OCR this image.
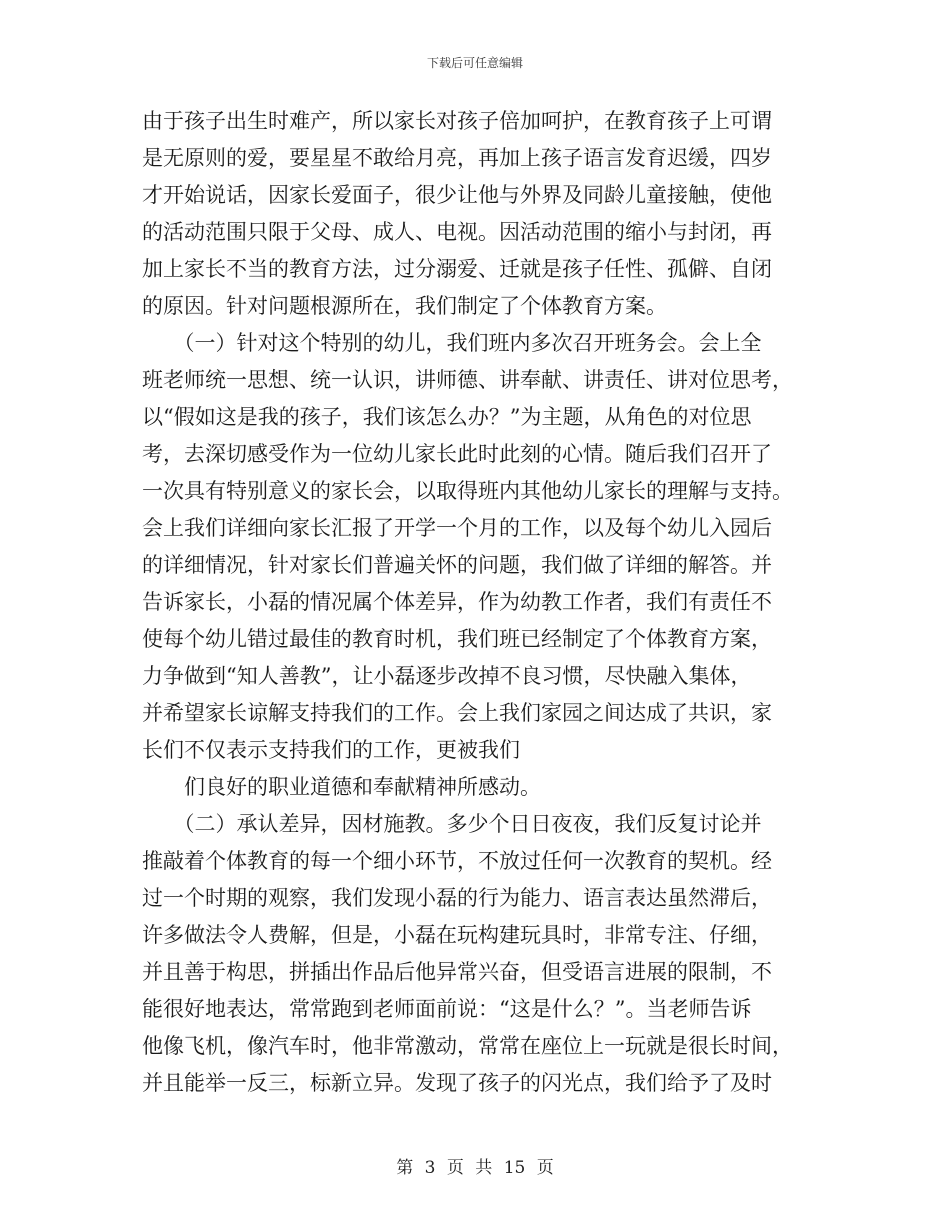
下载后可任意编辑
由于孩子出生时难产，所以家长对孩子倍加呵护，在教育孩子上可谓
是无原则的爱，要星星不敢给月亮，再加上孩子语言发育迟缓，四岁
才开始说话，因家长爱面子，很少让他与外界及同龄儿童接触，使他
的活动范围只限于父母、成人、电视。因活动范围的缩小与封闭，再
加上家长不当的教育方法，过分溺爱、迁就是孩子任性、孤僻、自闭
的原因。针对问题根源所在，我们制定了个体教育方案。
　　（一）针对这个特别的幼儿，我们班内多次召开班务会。会上全
班老师统一思想、统一认识，讲师德、讲奉献、讲责任、讲对位思考，
以“假如这是我的孩子，我们该怎么办？”为主题，从角色的对位思
考，去深切感受作为一位幼儿家长此时此刻的心情。随后我们召开了
一次具有特别意义的家长会，以取得班内其他幼儿家长的理解与支持。
会上我们详细向家长汇报了开学一个月的工作，以及每个幼儿入园后
的详细情况，针对家长们普遍关怀的问题，我们做了详细的解答。并
告诉家长，小磊的情况属个体差异，作为幼教工作者，我们有责任不
使每个幼儿错过最佳的教育时机，我们班已经制定了个体教育方案，
力争做到“知人善教”，让小磊逐步改掉不良习惯，尽快融入集体，
并希望家长谅解支持我们的工作。会上我们家园之间达成了共识，家
长们不仅表示支持我们的工作，更被我们
　　们良好的职业道德和奉献精神所感动。
　　（二）承认差异，因材施教。多少个日日夜夜，我们反复讨论并
推敲着个体教育的每一个细小环节，不放过任何一次教育的契机。经
过一个时期的观察，我们发现小磊的行为能力、语言表达虽然滞后，
许多做法令人费解，但是，小磊在玩构建玩具时，非常专注、仔细，
并且善于构思，拼插出作品后他异常兴奋，但受语言进展的限制，不
能很好地表达，常常跑到老师面前说：“这是什么？”。当老师告诉
他像飞机，像汽车时，他非常激动，常常在座位上一玩就是很长时间，
并且能举一反三，标新立异。发现了孩子的闪光点，我们给予了及时
第 3 页 共 15 页
